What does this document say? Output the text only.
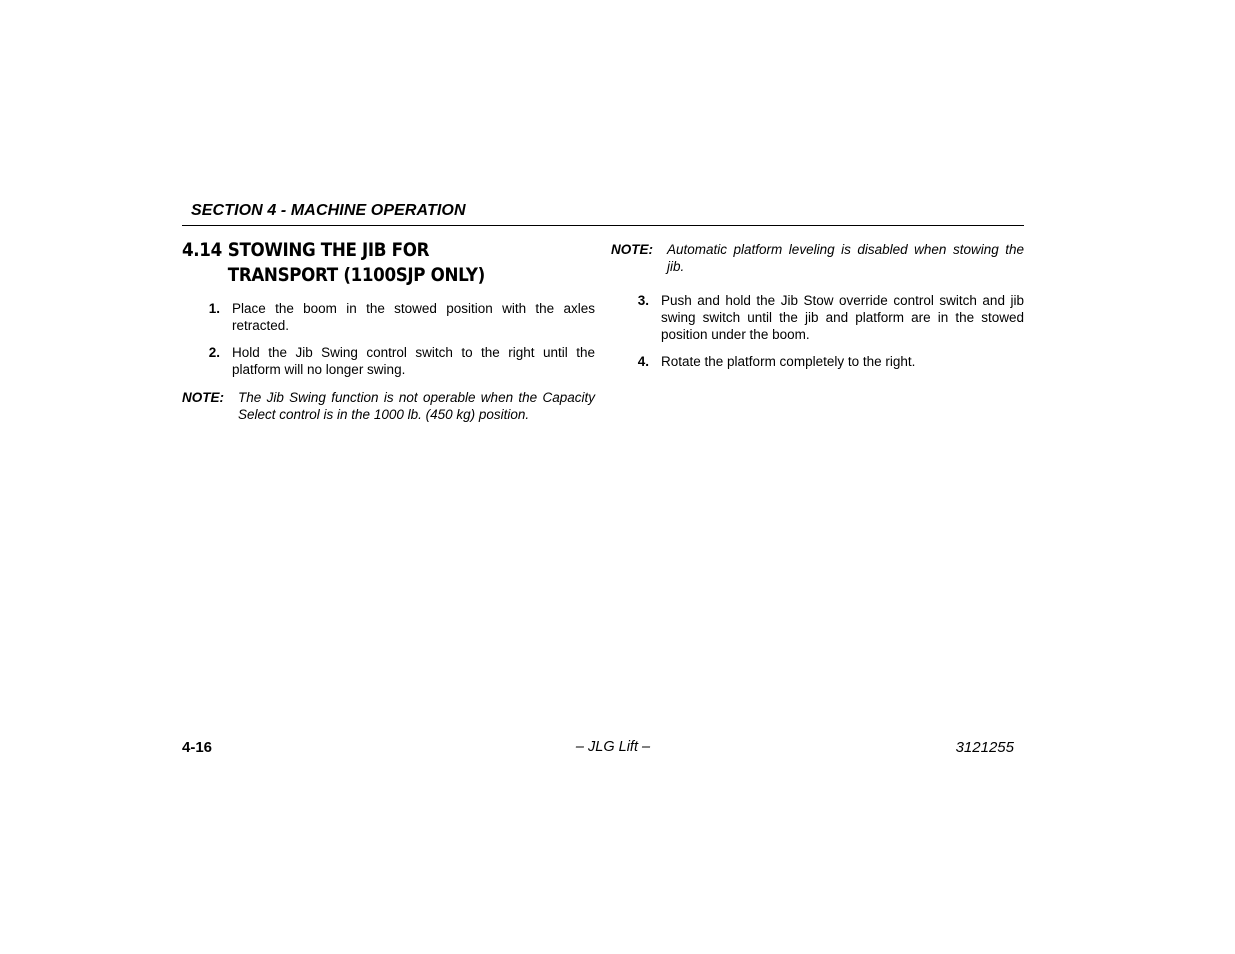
SECTION 4 - MACHINE OPERATION
4.14 STOWING THE JIB FOR TRANSPORT (1100SJP ONLY)
1. Place the boom in the stowed position with the axles retracted.
2. Hold the Jib Swing control switch to the right until the platform will no longer swing.
NOTE:	The Jib Swing function is not operable when the Capacity Select control is in the 1000 lb. (450 kg) position.
NOTE:	Automatic platform leveling is disabled when stowing the jib.
3. Push and hold the Jib Stow override control switch and jib swing switch until the jib and platform are in the stowed position under the boom.
4. Rotate the platform completely to the right.
4-16	– JLG Lift –	3121255
